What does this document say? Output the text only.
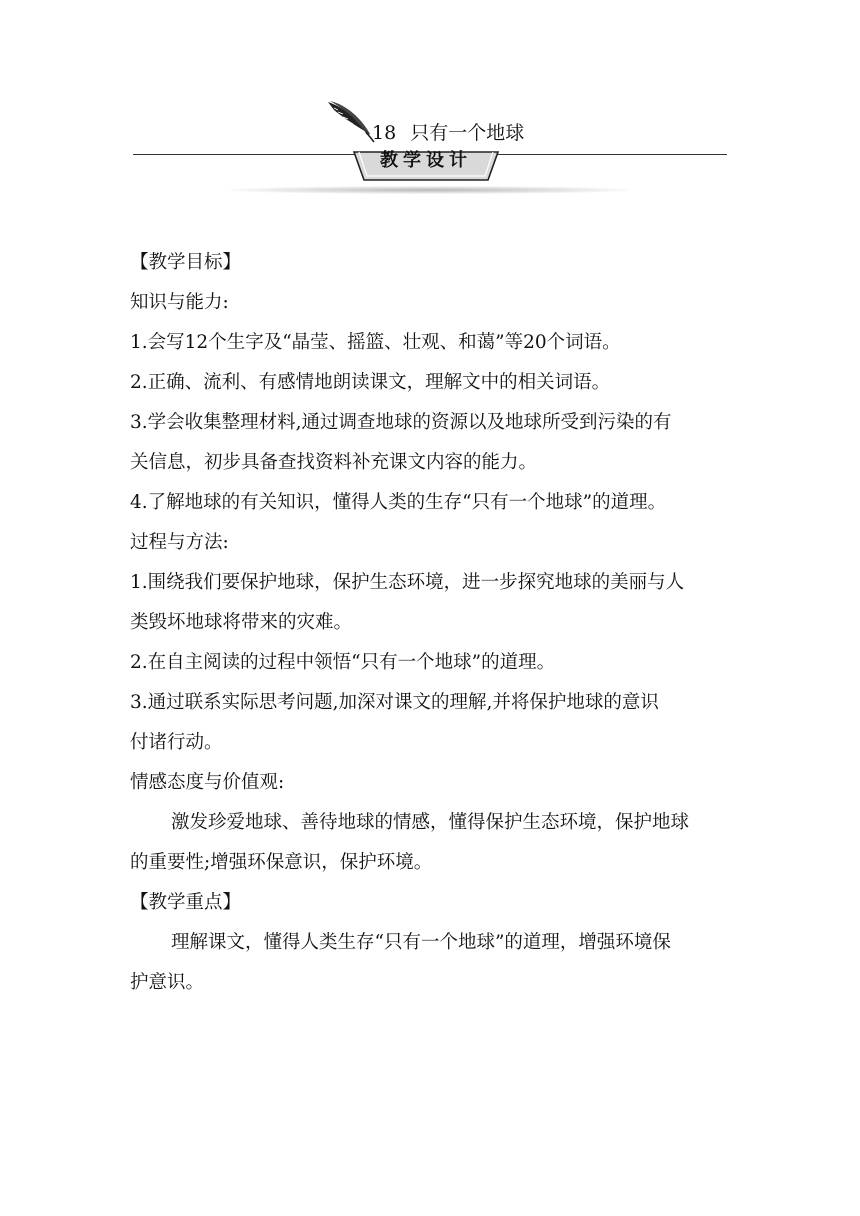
18 只有一个地球
教学设计

【教学目标】

知识与能力:

1.会写12个生字及“晶莹、摇篮、壮观、和蔼”等20个词语。

2.正确、流利、有感情地朗读课文，理解文中的相关词语。

3.学会收集整理材料,通过调查地球的资源以及地球所受到污染的有

关信息，初步具备查找资料补充课文内容的能力。

4.了解地球的有关知识，懂得人类的生存“只有一个地球”的道理。

过程与方法:

1.围绕我们要保护地球，保护生态环境，进一步探究地球的美丽与人

类毁坏地球将带来的灾难。

2.在自主阅读的过程中领悟“只有一个地球”的道理。

3.通过联系实际思考问题,加深对课文的理解,并将保护地球的意识

付诸行动。

情感态度与价值观:

激发珍爱地球、善待地球的情感，懂得保护生态环境，保护地球

的重要性;增强环保意识，保护环境。

【教学重点】

理解课文，懂得人类生存“只有一个地球”的道理，增强环境保

护意识。
